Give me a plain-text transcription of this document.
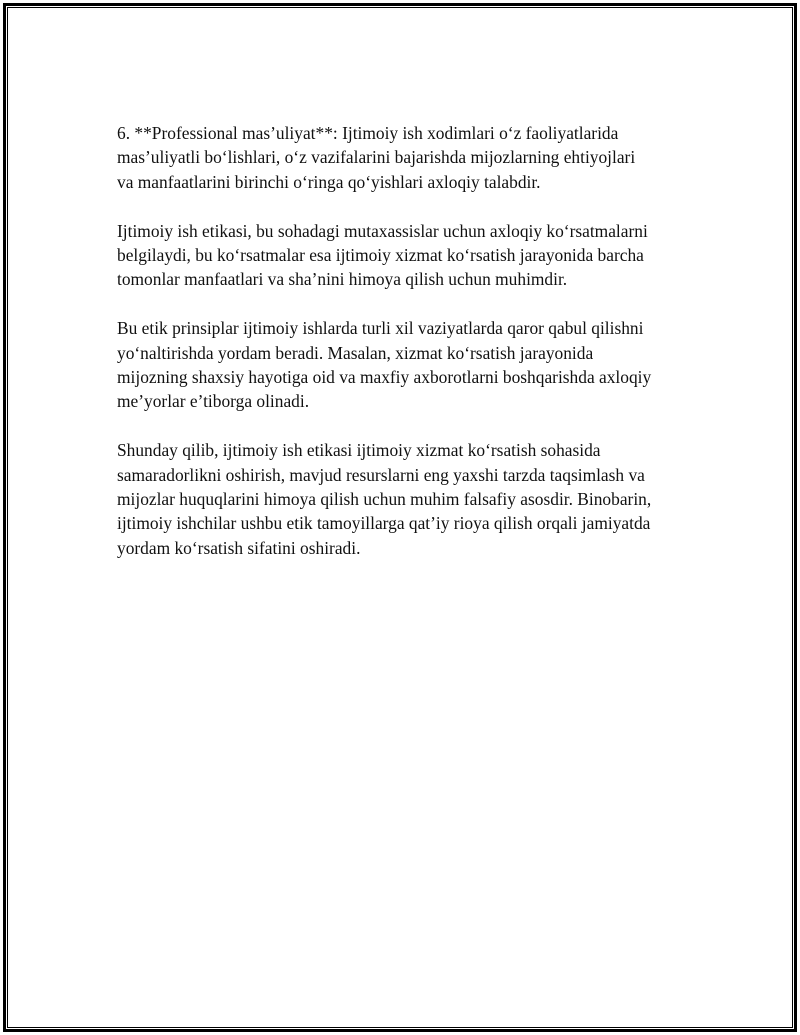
6. **Professional mas’uliyat**: Ijtimoiy ish xodimlari o‘z faoliyatlarida
mas’uliyatli bo‘lishlari, o‘z vazifalarini bajarishda mijozlarning ehtiyojlari
va manfaatlarini birinchi o‘ringa qo‘yishlari axloqiy talabdir.

Ijtimoiy ish etikasi, bu sohadagi mutaxassislar uchun axloqiy ko‘rsatmalarni
belgilaydi, bu ko‘rsatmalar esa ijtimoiy xizmat ko‘rsatish jarayonida barcha
tomonlar manfaatlari va sha’nini himoya qilish uchun muhimdir.

Bu etik prinsiplar ijtimoiy ishlarda turli xil vaziyatlarda qaror qabul qilishni
yo‘naltirishda yordam beradi. Masalan, xizmat ko‘rsatish jarayonida
mijozning shaxsiy hayotiga oid va maxfiy axborotlarni boshqarishda axloqiy
me’yorlar e’tiborga olinadi.

Shunday qilib, ijtimoiy ish etikasi ijtimoiy xizmat ko‘rsatish sohasida
samaradorlikni oshirish, mavjud resurslarni eng yaxshi tarzda taqsimlash va
mijozlar huquqlarini himoya qilish uchun muhim falsafiy asosdir. Binobarin,
ijtimoiy ishchilar ushbu etik tamoyillarga qat’iy rioya qilish orqali jamiyatda
yordam ko‘rsatish sifatini oshiradi.
